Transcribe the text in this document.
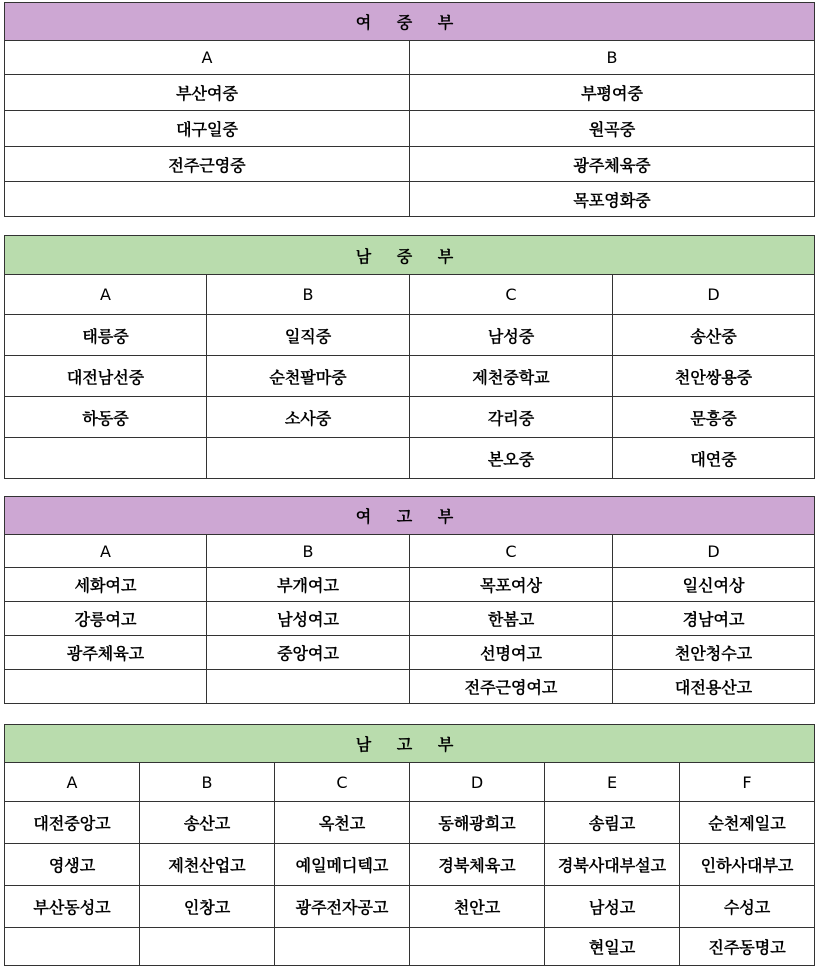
여 중 부	
A	B
부산여중	부평여중
대구일중	원곡중
전주근영중	광주체육중
	목포영화중
남 중 부			
A	B	C	D
태릉중	일직중	남성중	송산중
대전남선중	순천팔마중	제천중학교	천안쌍용중
하동중	소사중	각리중	문흥중
		본오중	대연중
여 고 부			
A	B	C	D
세화여고	부개여고	목포여상	일신여상
강릉여고	남성여고	한봄고	경남여고
광주체육고	중앙여고	선명여고	천안청수고
		전주근영여고	대전용산고
남 고 부					
A	B	C	D	E	F
대전중앙고	송산고	옥천고	동해광희고	송림고	순천제일고
영생고	제천산업고	예일메디텍고	경북체육고	경북사대부설고	인하사대부고
부산동성고	인창고	광주전자공고	천안고	남성고	수성고
				현일고	진주동명고
